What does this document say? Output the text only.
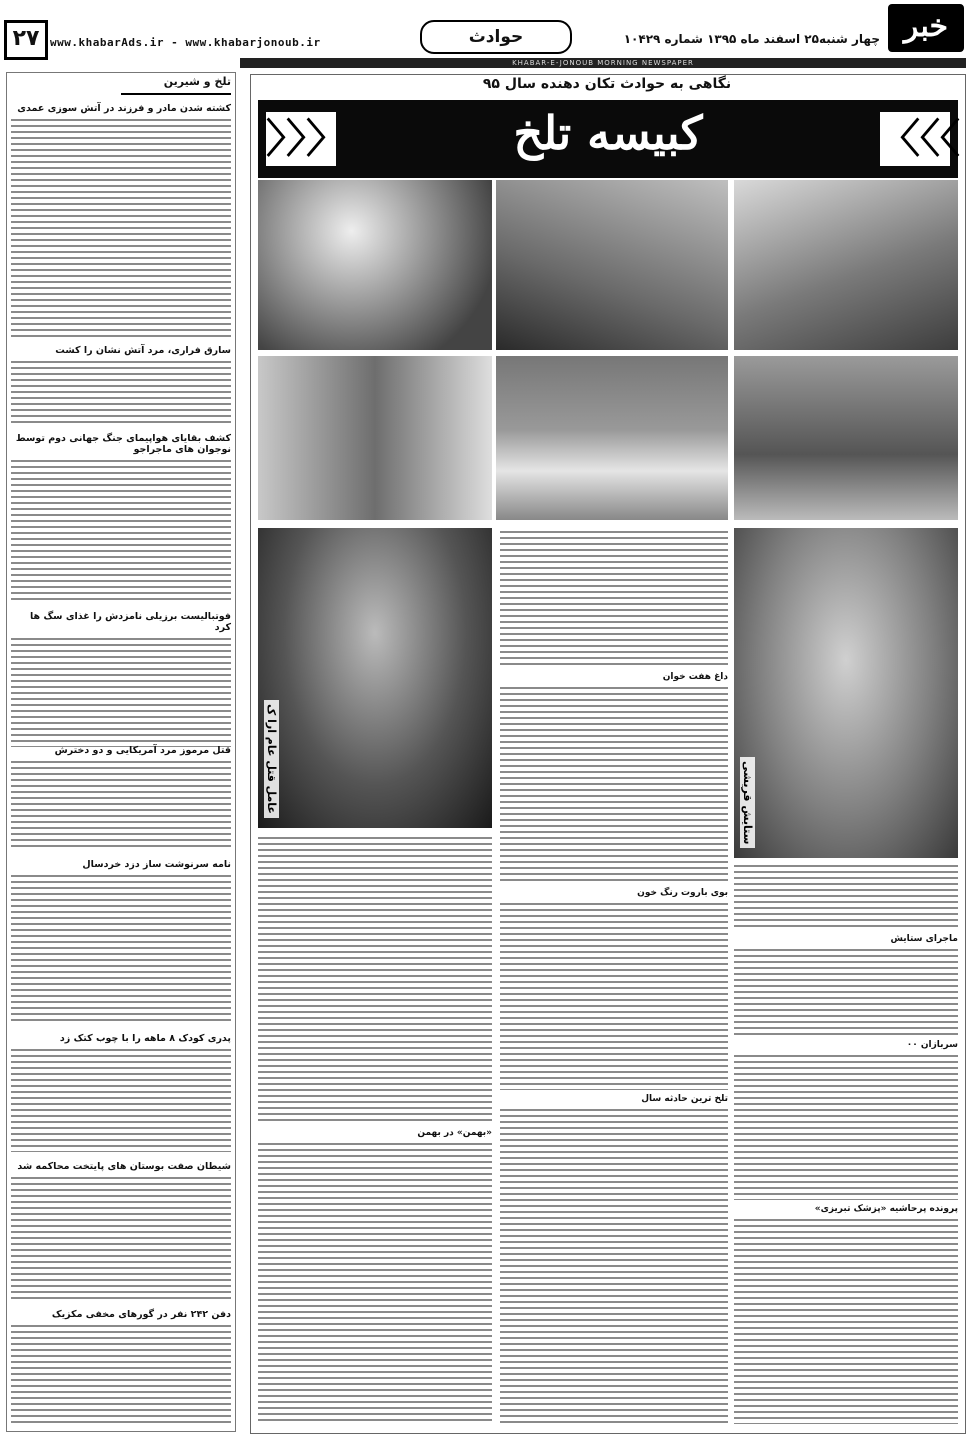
۲۷ www.khabarAds.ir - www.khabarjonoub.ir	حوادث	چهار شنبه۲۵ اسفند ماه ۱۳۹۵ شماره ۱۰۴۲۹ خبر
KHABAR-E-JONOUB MORNING NEWSPAPER
تلخ و شیرین
کشته شدن مادر و فرزند در آتش سوزی عمدی
سارق فراری، مرد آتش نشان را کشت
کشف بقایای هواپیمای جنگ جهانی دوم توسط نوجوان های ماجراجو
فوتبالیست برزیلی نامزدش را غذای سگ ها کرد
قتل مرموز مرد آمریکایی و دو دخترش
نامه سرنوشت ساز دزد خردسال
پدری کودک ۸ ماهه را با چوب کتک زد
شیطان صفت بوستان های پایتخت محاکمه شد
دفن ۲۴۲ نفر در گورهای مخفی مکزیک
نگاهی به حوادث تکان دهنده سال ۹۵
〉〉〉	کبیسه تلخ	〈〈〈
ستایش قریشی
عامل قتل عام ارا ک
داغ هفت خوان
بوی باروت رنگ خون
تلخ ترین حادثه سال
«بهمن» در بهمن
ماجرای ستایش
سربازان ۰۰
پرونده پرحاشیه «پزشک تبریزی»
